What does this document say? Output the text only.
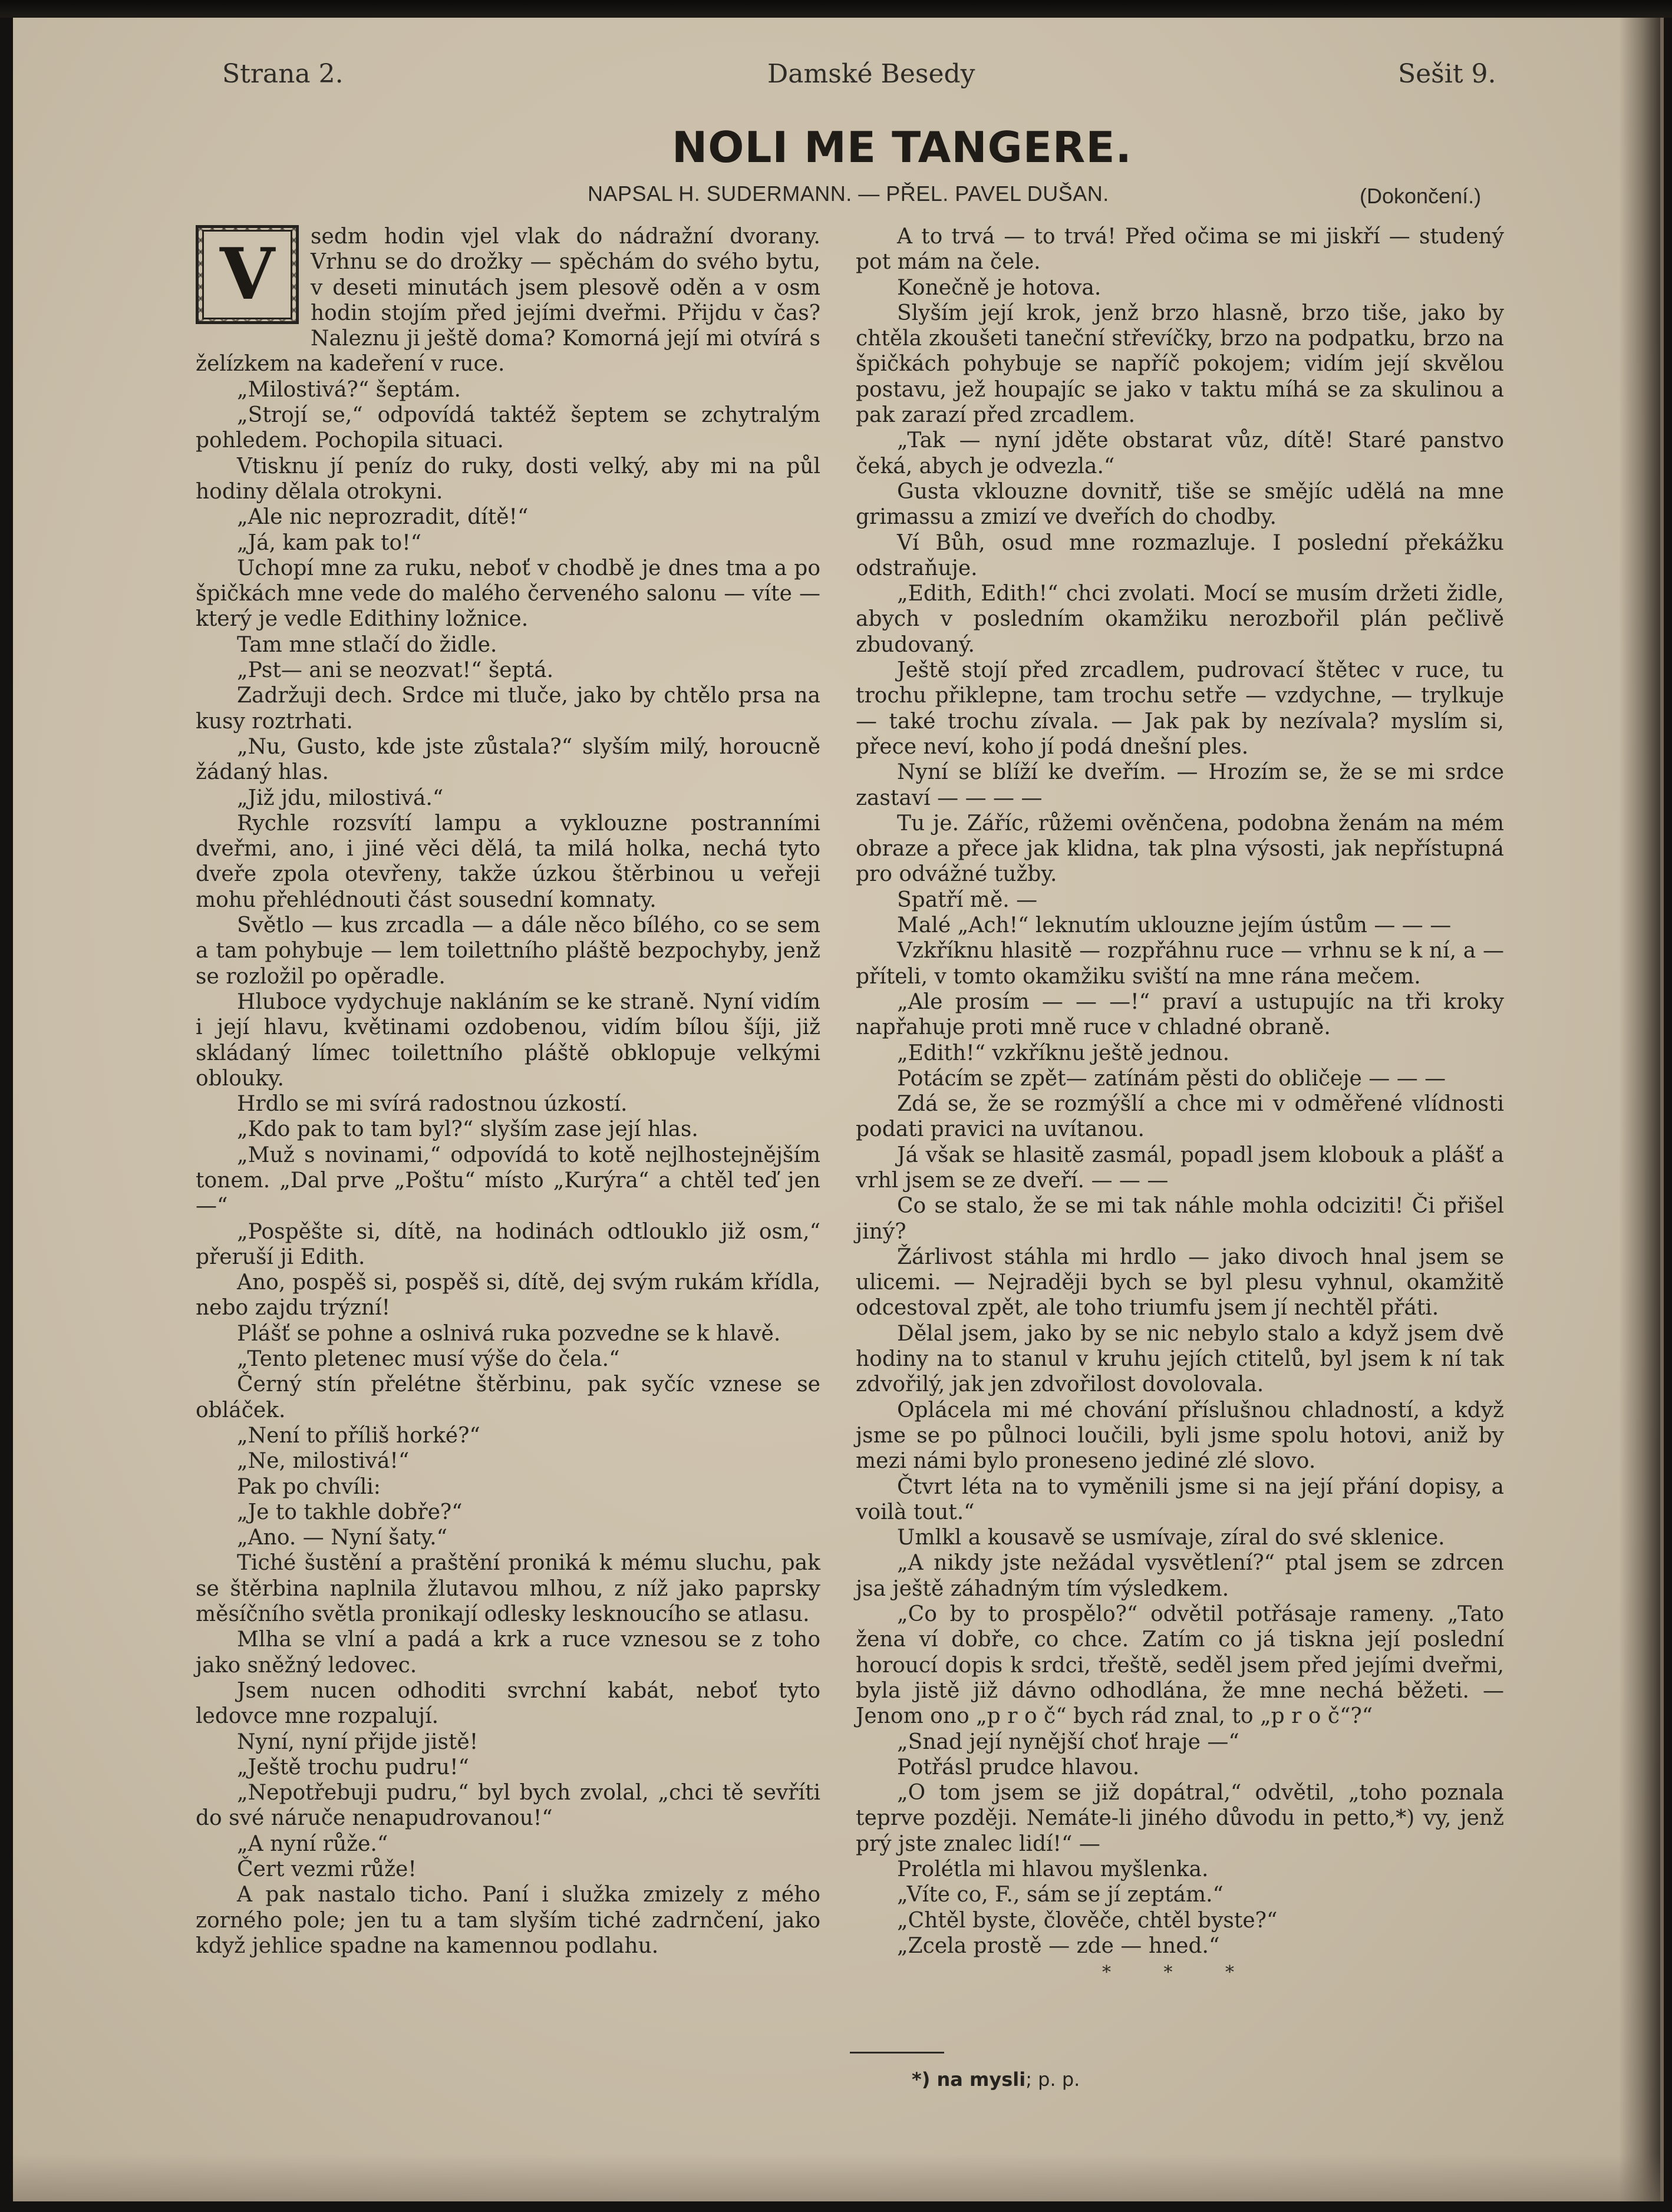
Strana 2.	Damské Besedy	Sešit 9.
NOLI ME TANGERE.
NAPSAL H. SUDERMANN. — PŘEL. PAVEL DUŠAN.	(Dokončení.)
V	sedm hodin vjel vlak do nádražní dvorany. Vrhnu se do drožky — spěchám do svého bytu, v deseti minutách jsem plesově oděn a v osm hodin stojím před jejími dveřmi. Přijdu v čas? Naleznu ji ještě doma? Komorná její mi otvírá s želízkem na kadeření v ruce.

„Milostivá?“ šeptám.

„Strojí se,“ odpovídá taktéž šeptem se zchytralým pohledem. Pochopila situaci.

Vtisknu jí peníz do ruky, dosti velký, aby mi na půl hodiny dělala otrokyni.

„Ale nic neprozradit, dítě!“

„Já, kam pak to!“

Uchopí mne za ruku, neboť v chodbě je dnes tma a po špičkách mne vede do malého červeného salonu — víte — který je vedle Edithiny ložnice.

Tam mne stlačí do židle.

„Pst— ani se neozvat!“ šeptá.

Zadržuji dech. Srdce mi tluče, jako by chtělo prsa na kusy roztrhati.

„Nu, Gusto, kde jste zůstala?“ slyším milý, horoucně žádaný hlas.

„Již jdu, milostivá.“

Rychle rozsvítí lampu a vyklouzne postranními dveřmi, ano, i jiné věci dělá, ta milá holka, nechá tyto dveře zpola otevřeny, takže úzkou štěrbinou u veřeji mohu přehlédnouti část sousední komnaty.

Světlo — kus zrcadla — a dále něco bílého, co se sem a tam pohybuje — lem toilettního pláště bezpochyby, jenž se rozložil po opěradle.

Hluboce vydychuje nakláním se ke straně. Nyní vidím i její hlavu, květinami ozdobenou, vidím bílou šíji, již skládaný límec toilettního pláště obklopuje velkými oblouky.

Hrdlo se mi svírá radostnou úzkostí.

„Kdo pak to tam byl?“ slyším zase její hlas.

„Muž s novinami,“ odpovídá to kotě nejlhostejnějším tonem. „Dal prve „Poštu“ místo „Kurýra“ a chtěl teď jen —“

„Pospěšte si, dítě, na hodinách odtlouklo již osm,“ přeruší ji Edith.

Ano, pospěš si, pospěš si, dítě, dej svým rukám křídla, nebo zajdu trýzní!

Plášť se pohne a oslnivá ruka pozvedne se k hlavě.

„Tento pletenec musí výše do čela.“

Černý stín přelétne štěrbinu, pak syčíc vznese se obláček.

„Není to příliš horké?“

„Ne, milostivá!“

Pak po chvíli:

„Je to takhle dobře?“

„Ano. — Nyní šaty.“

Tiché šustění a praštění proniká k mému sluchu, pak se štěrbina naplnila žlutavou mlhou, z níž jako paprsky měsíčního světla pronikají odlesky lesknoucího se atlasu.

Mlha se vlní a padá a krk a ruce vznesou se z toho jako sněžný ledovec.

Jsem nucen odhoditi svrchní kabát, neboť tyto ledovce mne rozpalují.

Nyní, nyní přijde jistě!

„Ještě trochu pudru!“

„Nepotřebuji pudru,“ byl bych zvolal, „chci tě sevříti do své náruče nenapudrovanou!“

„A nyní růže.“

Čert vezmi růže!

A pak nastalo ticho. Paní i služka zmizely z mého zorného pole; jen tu a tam slyším tiché zadrnčení, jako když jehlice spadne na kamennou podlahu.

A to trvá — to trvá! Před očima se mi jiskří — studený pot mám na čele.

Konečně je hotova.

Slyším její krok, jenž brzo hlasně, brzo tiše, jako by chtěla zkoušeti taneční střevíčky, brzo na podpatku, brzo na špičkách pohybuje se napříč pokojem; vidím její skvělou postavu, jež houpajíc se jako v taktu míhá se za skulinou a pak zarazí před zrcadlem.

„Tak — nyní jděte obstarat vůz, dítě! Staré panstvo čeká, abych je odvezla.“

Gusta vklouzne dovnitř, tiše se smějíc udělá na mne grimassu a zmizí ve dveřích do chodby.

Ví Bůh, osud mne rozmazluje. I poslední překážku odstraňuje.

„Edith, Edith!“ chci zvolati. Mocí se musím držeti židle, abych v posledním okamžiku nerozbořil plán pečlivě zbudovaný.

Ještě stojí před zrcadlem, pudrovací štětec v ruce, tu trochu přiklepne, tam trochu setře — vzdychne, — trylkuje — také trochu zívala. — Jak pak by nezívala? myslím si, přece neví, koho jí podá dnešní ples.

Nyní se blíží ke dveřím. — Hrozím se, že se mi srdce zastaví — — — —

Tu je. Záříc, růžemi ověnčena, podobna ženám na mém obraze a přece jak klidna, tak plna výsosti, jak nepřístupná pro odvážné tužby.

Spatří mě. —

Malé „Ach!“ leknutím uklouzne jejím ústům — — —

Vzkříknu hlasitě — rozpřáhnu ruce — vrhnu se k ní, a — příteli, v tomto okamžiku sviští na mne rána mečem.

„Ale prosím — — —!“ praví a ustupujíc na tři kroky napřahuje proti mně ruce v chladné obraně.

„Edith!“ vzkříknu ještě jednou.

Potácím se zpět— zatínám pěsti do obličeje — — —

Zdá se, že se rozmýšlí a chce mi v odměřené vlídnosti podati pravici na uvítanou.

Já však se hlasitě zasmál, popadl jsem klobouk a plášť a vrhl jsem se ze dveří. — — —

Co se stalo, že se mi tak náhle mohla odciziti! Či přišel jiný?

Žárlivost stáhla mi hrdlo — jako divoch hnal jsem se ulicemi. — Nejraději bych se byl plesu vyhnul, okamžitě odcestoval zpět, ale toho triumfu jsem jí nechtěl přáti.

Dělal jsem, jako by se nic nebylo stalo a když jsem dvě hodiny na to stanul v kruhu jejích ctitelů, byl jsem k ní tak zdvořilý, jak jen zdvořilost dovolovala.

Oplácela mi mé chování příslušnou chladností, a když jsme se po půlnoci loučili, byli jsme spolu hotovi, aniž by mezi námi bylo proneseno jediné zlé slovo.

Čtvrt léta na to vyměnili jsme si na její přání dopisy, a voilà tout.“

Umlkl a kousavě se usmívaje, zíral do své sklenice.

„A nikdy jste nežádal vysvětlení?“ ptal jsem se zdrcen jsa ještě záhadným tím výsledkem.

„Co by to prospělo?“ odvětil potřásaje rameny. „Tato žena ví dobře, co chce. Zatím co já tiskna její poslední horoucí dopis k srdci, třeště, seděl jsem před jejími dveřmi, byla jistě již dávno odhodlána, že mne nechá běžeti. — Jenom ono „p r o č“ bych rád znal, to „p r o č“?“

„Snad její nynější choť hraje —“

Potřásl prudce hlavou.

„O tom jsem se již dopátral,“ odvětil, „toho poznala teprve později. Nemáte-li jiného důvodu in petto,*) vy, jenž prý jste znalec lidí!“ —

Prolétla mi hlavou myšlenka.

„Víte co, F., sám se jí zeptám.“

„Chtěl byste, člověče, chtěl byste?“

„Zcela prostě — zde — hned.“

* * *
*) na mysli; p. p.
